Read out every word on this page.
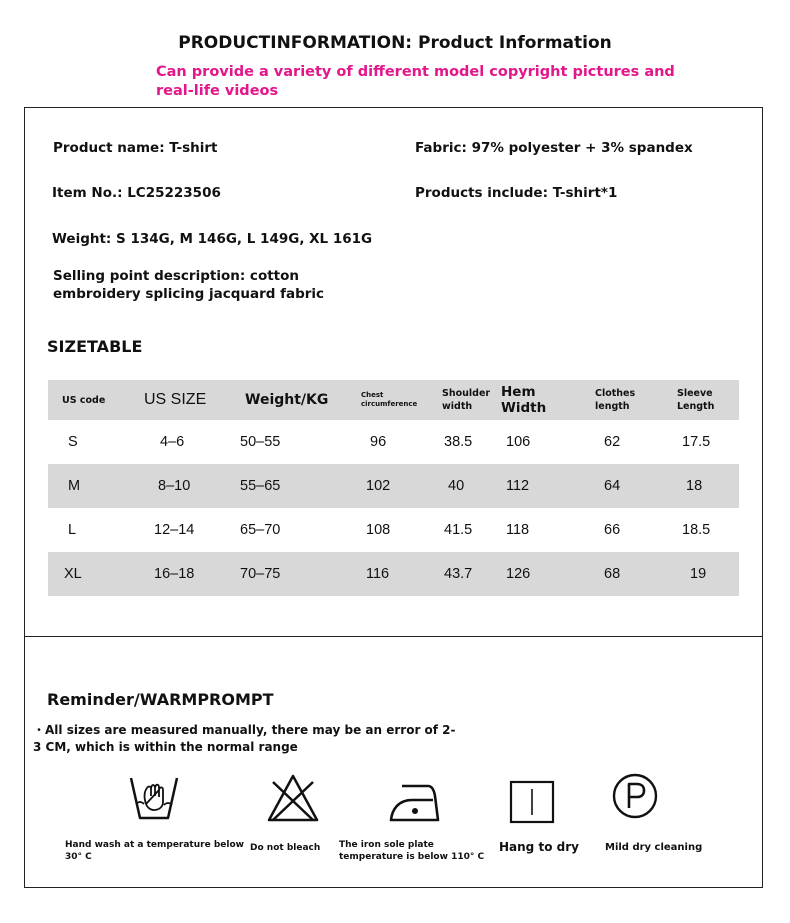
PRODUCTINFORMATION: Product Information
Can provide a variety of different model copyright pictures and real-life videos
Product name: T-shirt	Fabric: 97% polyester + 3% spandex
Item No.: LC25223506	Products include: T-shirt*1
Weight: S 134G, M 146G, L 149G, XL 161G
Selling point description: cotton embroidery splicing jacquard fabric
SIZETABLE
US code	US SIZE	Weight/KG	Chest circumference	Shoulder width	Hem Width	Clothes length	Sleeve Length
S	4–6	50–55	96	38.5	106	62	17.5
M	8–10	55–65	102	40	112	64	18
L	12–14	65–70	108	41.5	118	66	18.5
XL	16–18	70–75	116	43.7	126	68	19
Reminder/WARMPROMPT
・All sizes are measured manually, there may be an error of 2-3 CM, which is within the normal range
Hand wash at a temperature below 30° C
Do not bleach The iron sole plate temperature is below 110° C
Hang to dry	Mild dry cleaning
